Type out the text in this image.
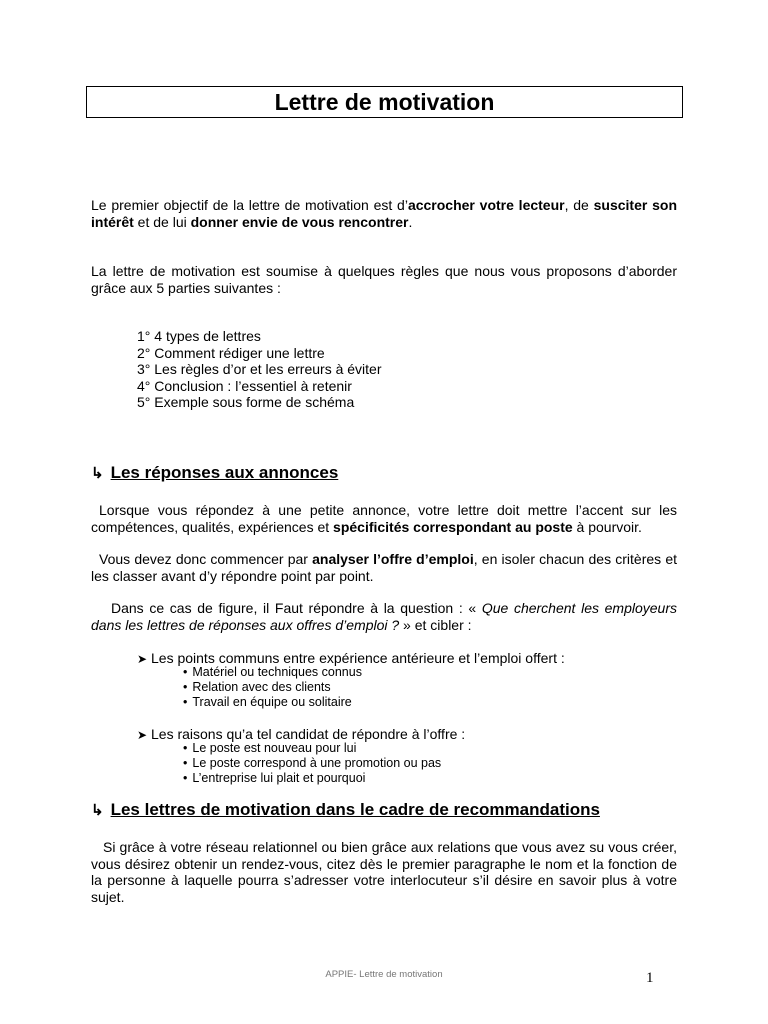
Lettre de motivation
Le premier objectif de la lettre de motivation est d’accrocher votre lecteur, de susciter son intérêt et de lui donner envie de vous rencontrer.
La lettre de motivation est soumise à quelques règles que nous vous proposons d’aborder grâce aux 5 parties suivantes :
1° 4 types de lettres
2° Comment rédiger une lettre
3° Les règles d’or et les erreurs à éviter
4° Conclusion : l’essentiel à retenir
5° Exemple sous forme de schéma
↳ Les réponses aux annonces
Lorsque vous répondez à une petite annonce, votre lettre doit mettre l’accent sur les compétences, qualités, expériences et spécificités correspondant au poste à pourvoir.
Vous devez donc commencer par analyser l’offre d’emploi, en isoler chacun des critères et les classer avant d’y répondre point par point.
Dans ce cas de figure, il Faut répondre à la question : « Que cherchent les employeurs dans les lettres de réponses aux offres d’emploi ? » et cibler :
➤ Les points communs entre expérience antérieure et l’emploi offert :
• Matériel ou techniques connus
• Relation avec des clients
• Travail en équipe ou solitaire
➤ Les raisons qu’a tel candidat de répondre à l’offre :
• Le poste est nouveau pour lui
• Le poste correspond à une promotion ou pas
• L’entreprise lui plait et pourquoi
↳ Les lettres de motivation dans le cadre de recommandations
Si grâce à votre réseau relationnel ou bien grâce aux relations que vous avez su vous créer, vous désirez obtenir un rendez-vous, citez dès le premier paragraphe le nom et la fonction de la personne à laquelle pourra s’adresser votre interlocuteur s’il désire en savoir plus à votre sujet.
APPIE- Lettre de motivation	1
